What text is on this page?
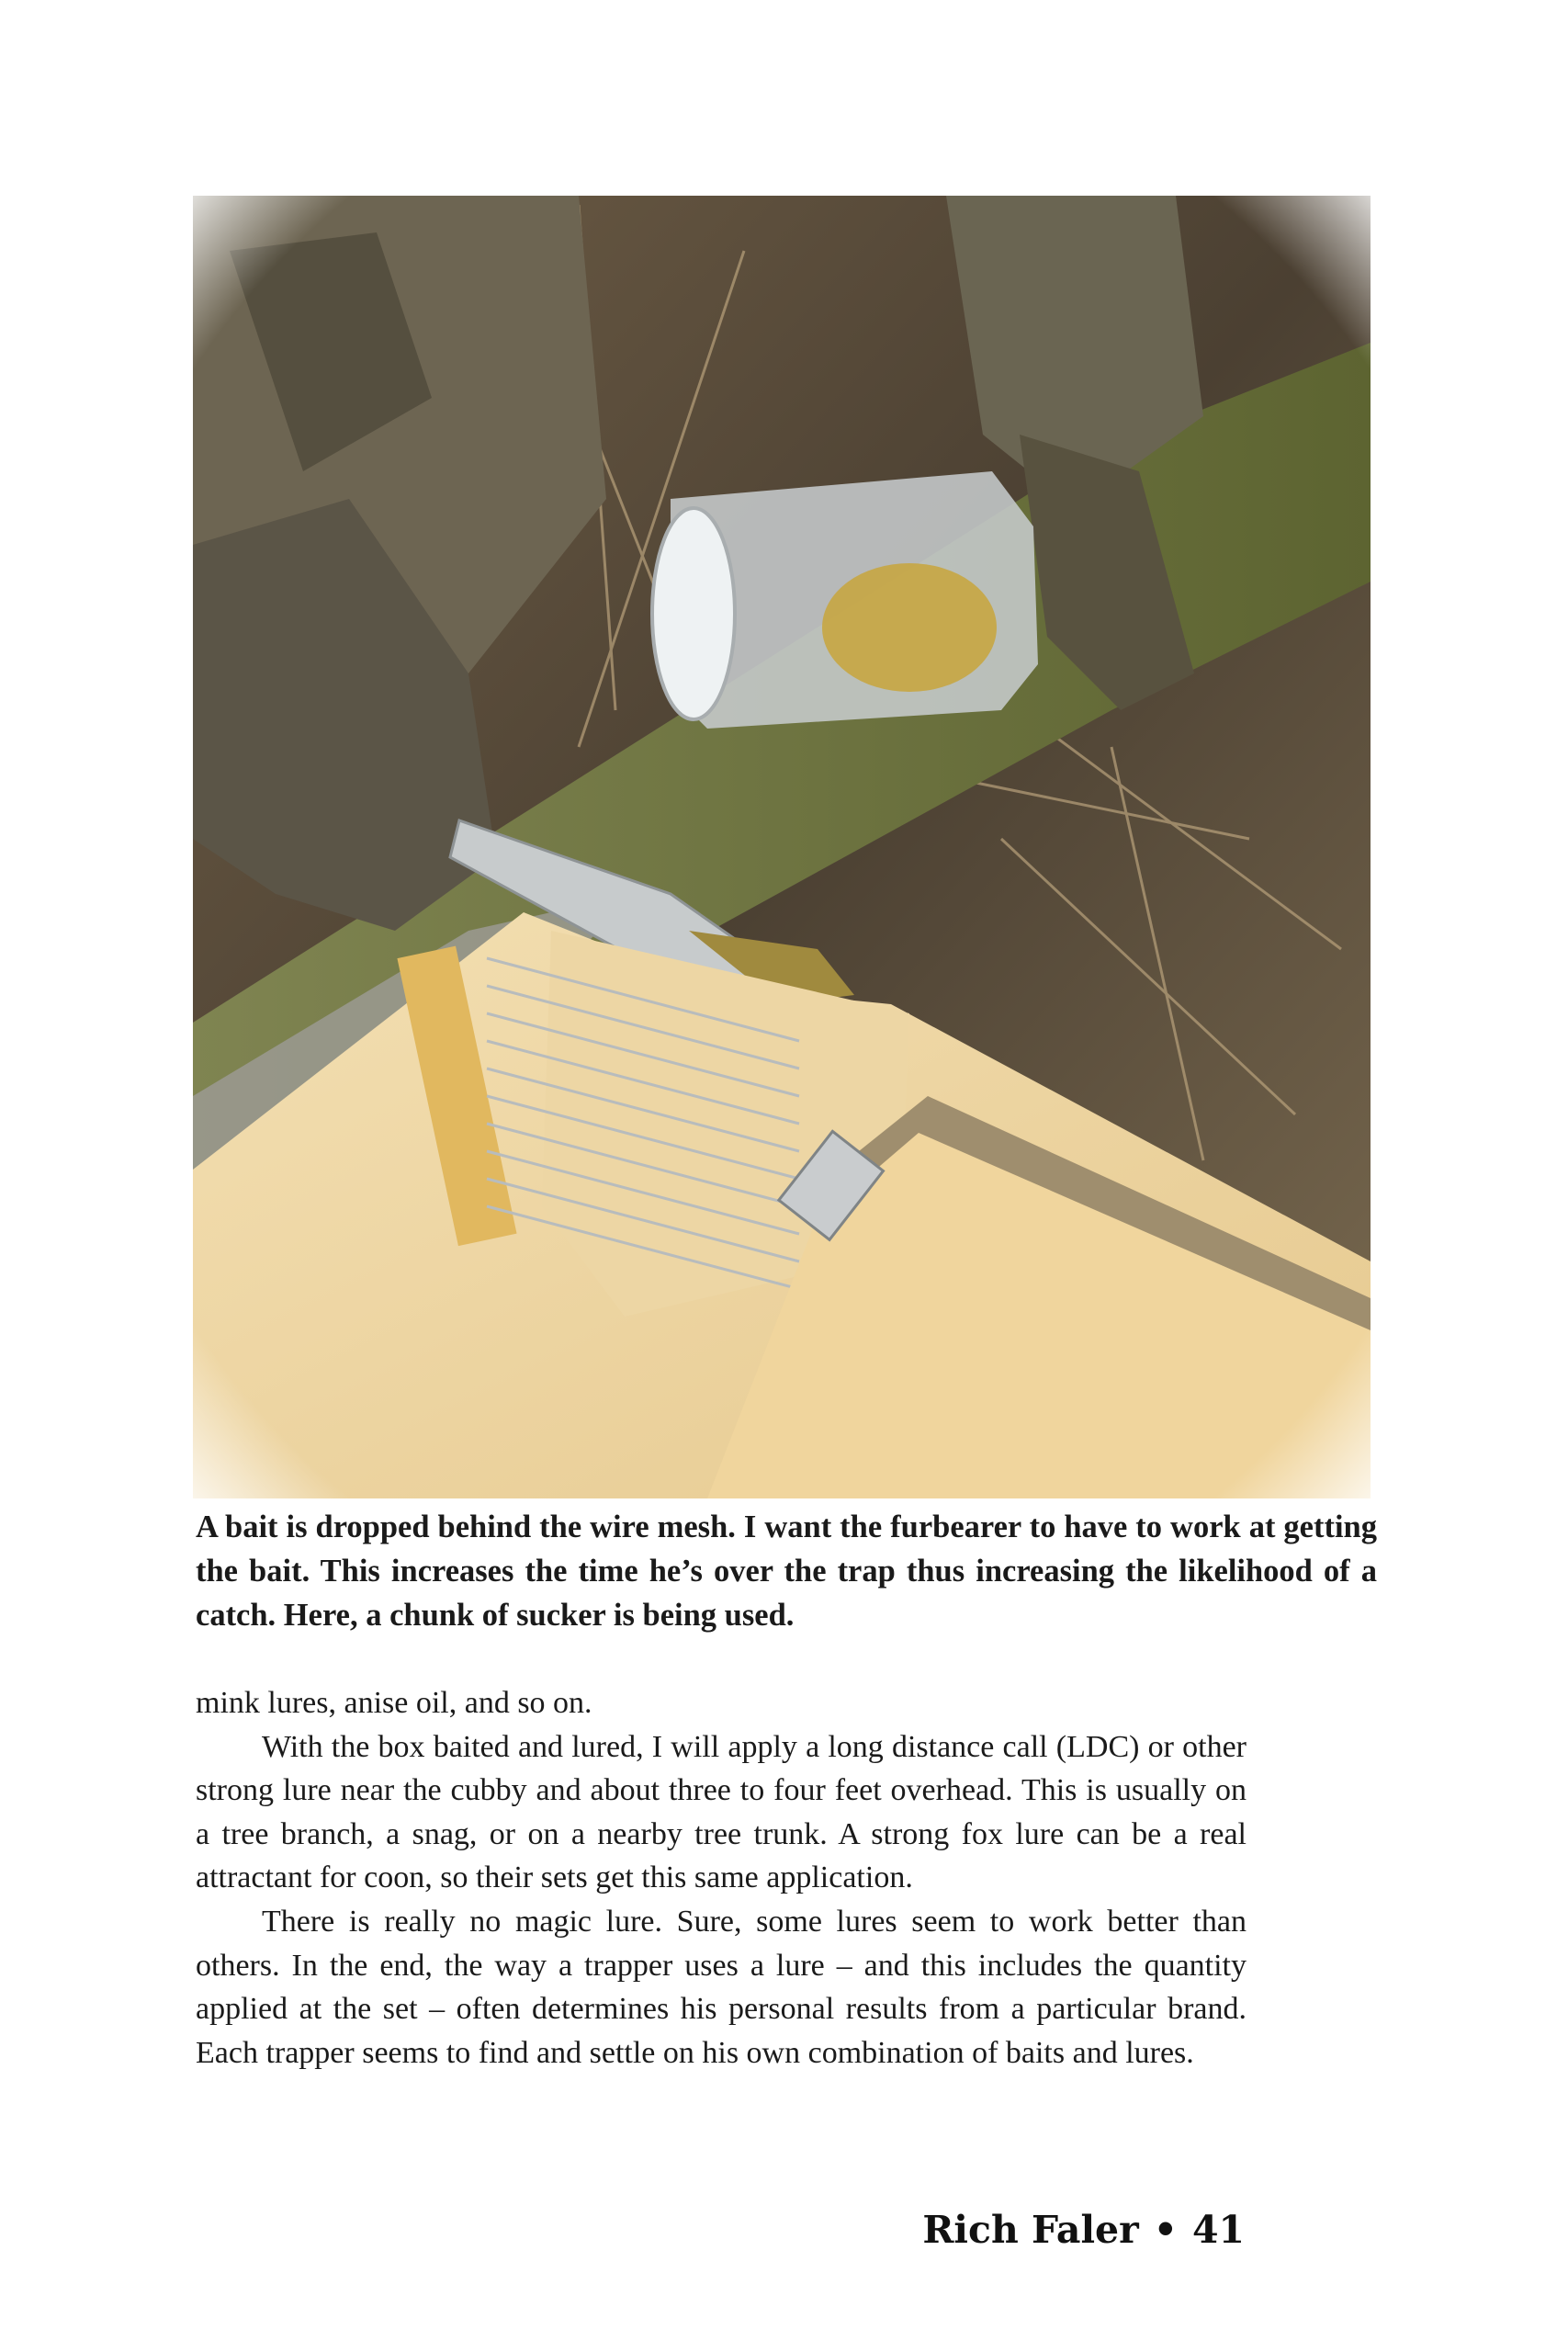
A bait is dropped behind the wire mesh. I want the furbearer to have to work at getting the bait. This increases the time he’s over the trap thus increasing the likelihood of a catch. Here, a chunk of sucker is being used.

mink lures, anise oil, and so on.

With the box baited and lured, I will apply a long distance call (LDC) or other strong lure near the cubby and about three to four feet overhead. This is usually on a tree branch, a snag, or on a nearby tree trunk. A strong fox lure can be a real attractant for coon, so their sets get this same application.

There is really no magic lure. Sure, some lures seem to work better than others. In the end, the way a trapper uses a lure – and this includes the quantity applied at the set – often determines his personal results from a particular brand. Each trapper seems to find and settle on his own combination of baits and lures.

Rich Faler • 41
